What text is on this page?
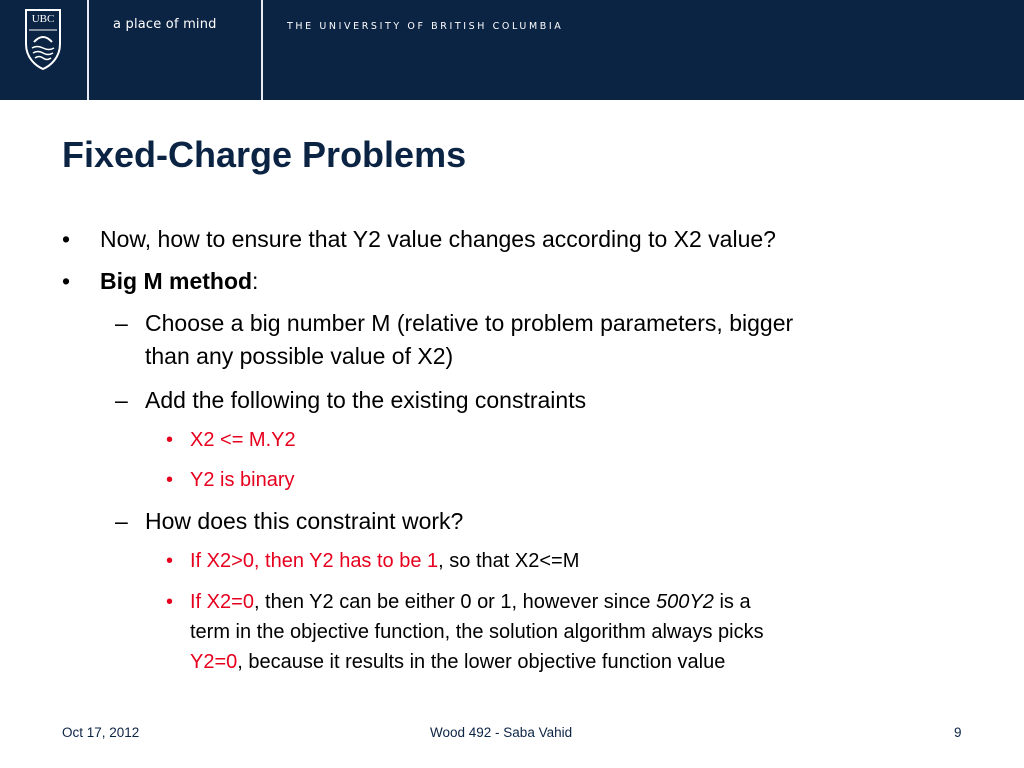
UBC	a place of mind	THE UNIVERSITY OF BRITISH COLUMBIA
Fixed-Charge Problems
• Now, how to ensure that Y2 value changes according to X2 value?
• Big M method:
– Choose a big number M (relative to problem parameters, bigger
than any possible value of X2)
– Add the following to the existing constraints
• X2 <= M.Y2
• Y2 is binary
– How does this constraint work?
• If X2>0, then Y2 has to be 1, so that X2<=M
• If X2=0, then Y2 can be either 0 or 1, however since 500Y2 is a
term in the objective function, the solution algorithm always picks
Y2=0, because it results in the lower objective function value
Oct 17, 2012	Wood 492 - Saba Vahid	9
